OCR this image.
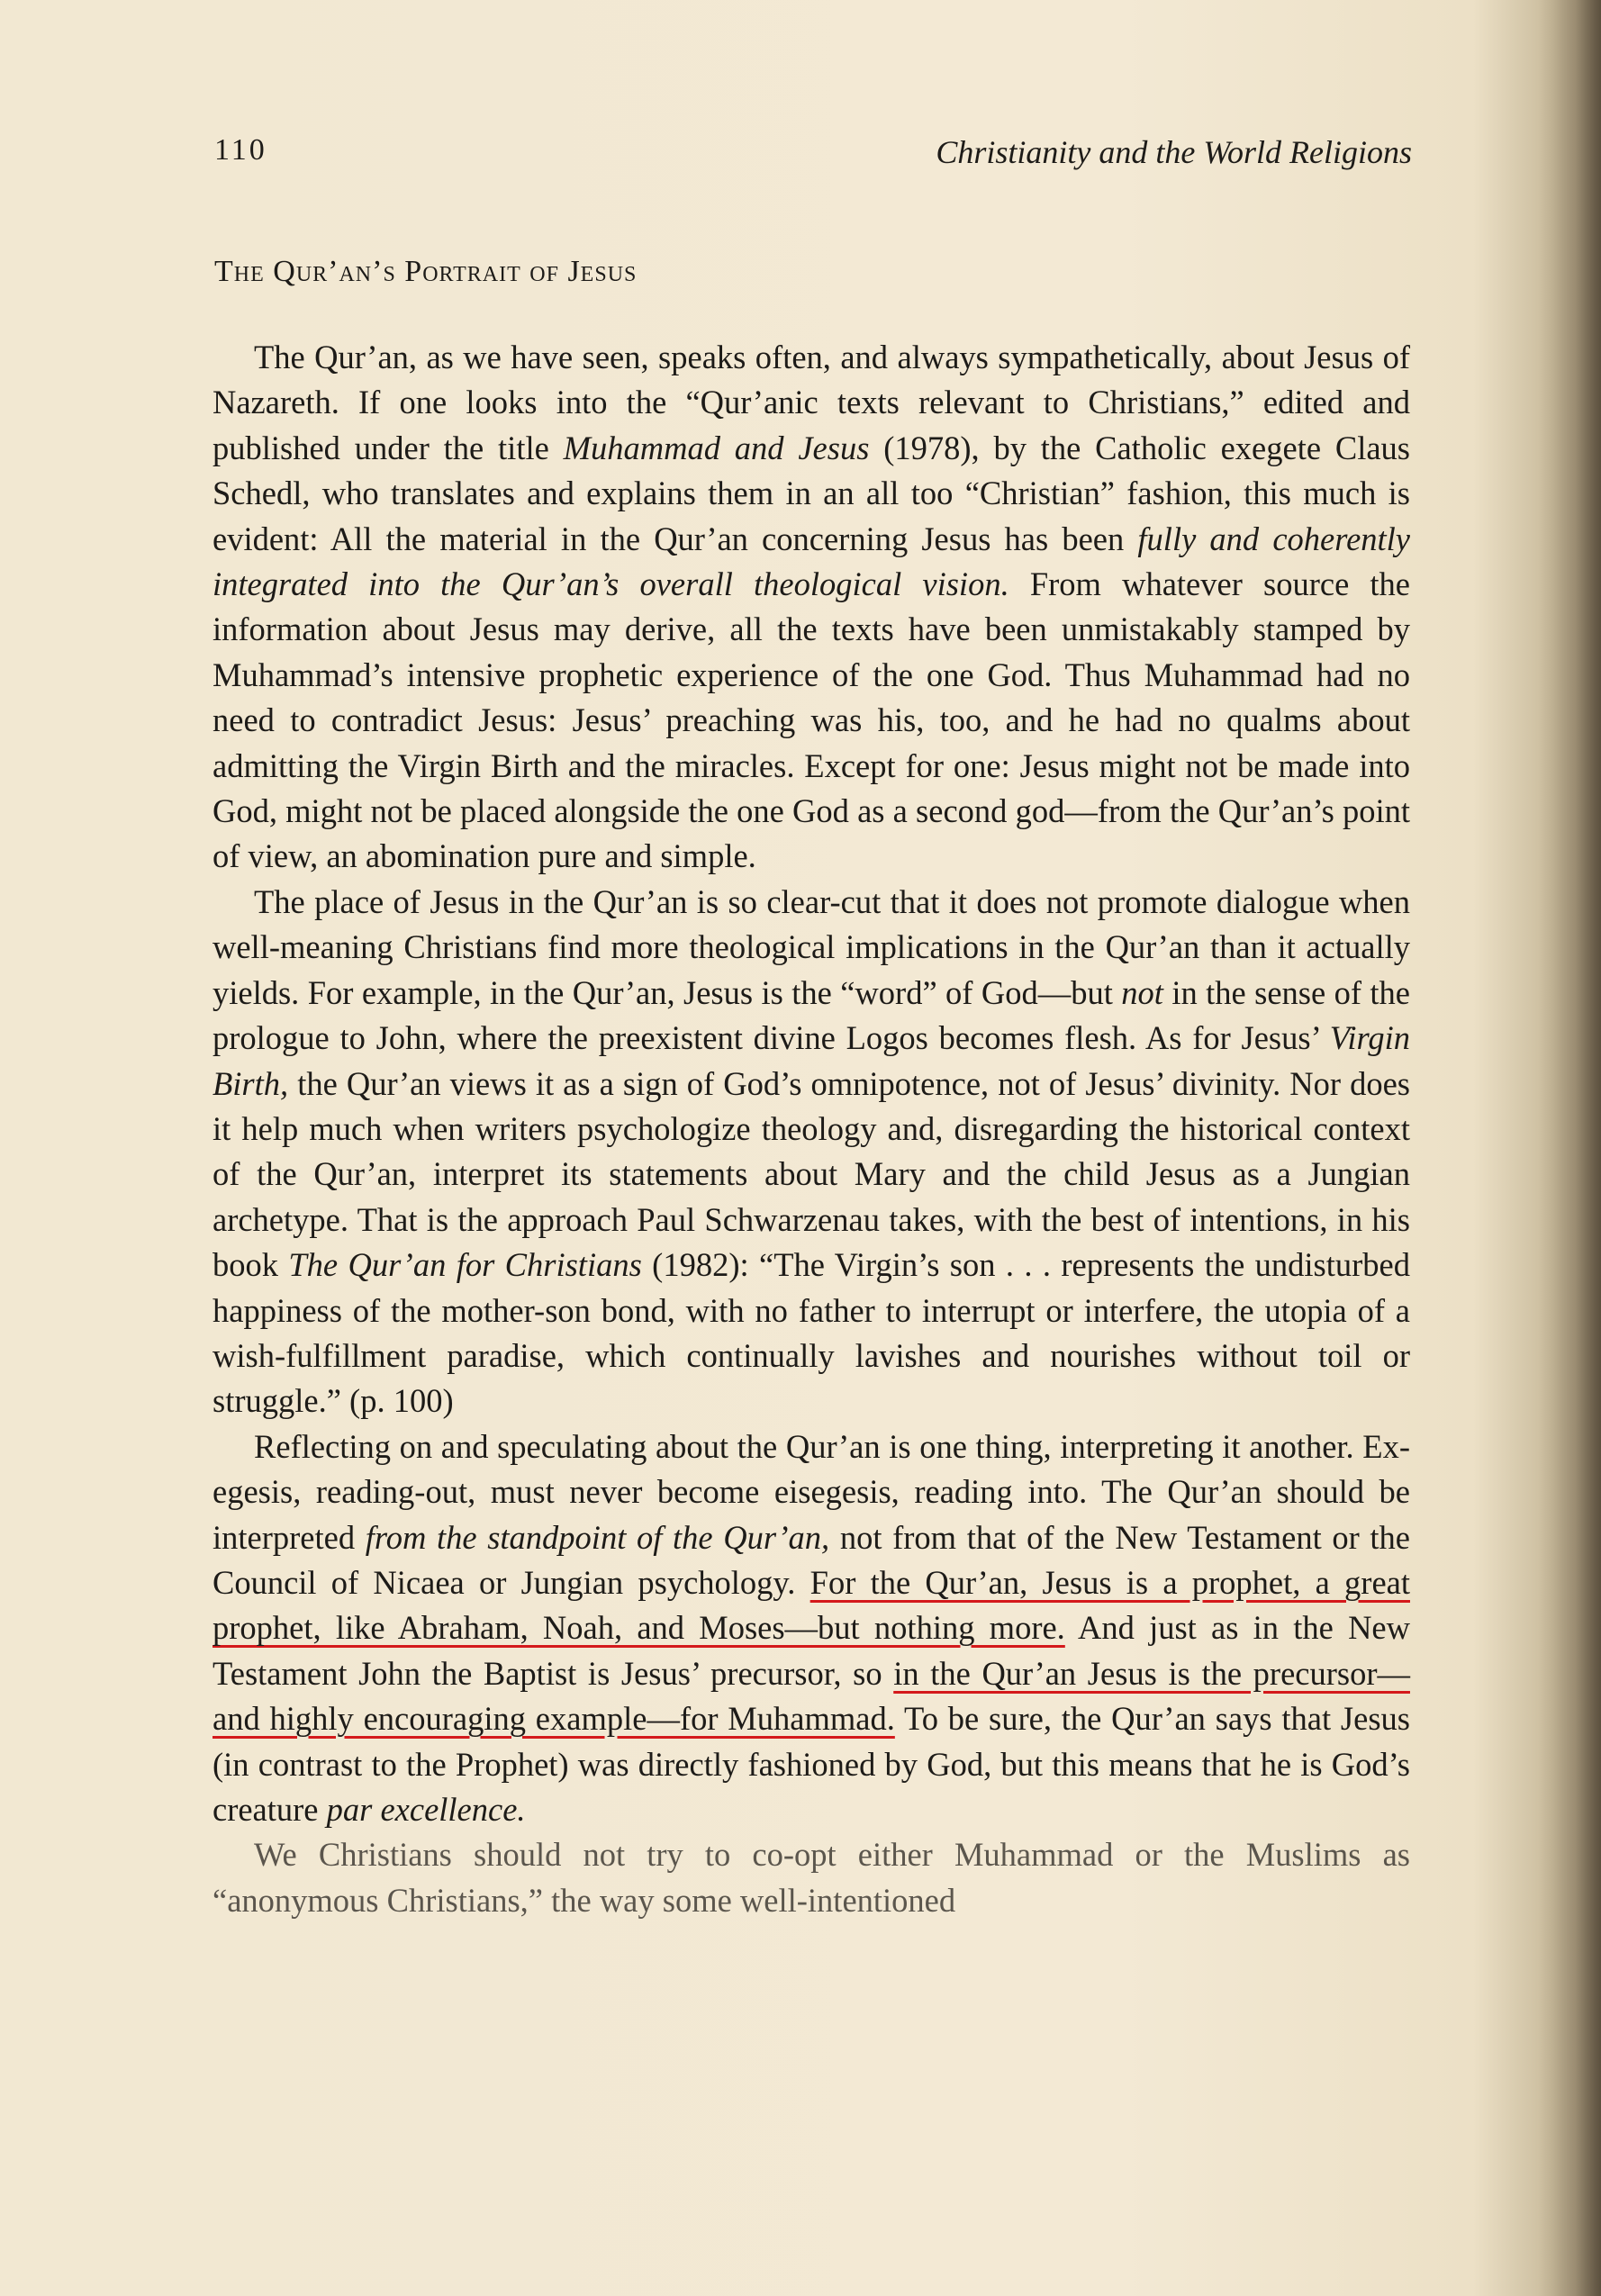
110	Christianity and the World Religions
The Qur’an’s Portrait of Jesus

The Qur’an, as we have seen, speaks often, and always sympathetically, about Jesus of Nazareth. If one looks into the “Qur’anic texts relevant to Christians,” edited and published under the title Muhammad and Jesus (1978), by the Catholic exegete Claus Schedl, who translates and explains them in an all too “Christian” fashion, this much is evident: All the material in the Qur’an concerning Jesus has been fully and coherently integrated into the Qur’an’s overall theological vision. From whatever source the information about Jesus may derive, all the texts have been unmistakably stamped by Muhammad’s intensive prophetic experience of the one God. Thus Muhammad had no need to contradict Jesus: Jesus’ preaching was his, too, and he had no qualms about admitting the Virgin Birth and the miracles. Except for one: Jesus might not be made into God, might not be placed alongside the one God as a second god—from the Qur’an’s point of view, an abomination pure and simple.

The place of Jesus in the Qur’an is so clear-cut that it does not promote dialogue when well-meaning Christians find more theological implications in the Qur’an than it actually yields. For example, in the Qur’an, Jesus is the “word” of God—but not in the sense of the prologue to John, where the preexistent divine Logos becomes flesh. As for Jesus’ Virgin Birth, the Qur’an views it as a sign of God’s omnipotence, not of Jesus’ divinity. Nor does it help much when writers psychologize theology and, disregarding the historical context of the Qur’an, interpret its statements about Mary and the child Jesus as a Jungian archetype. That is the approach Paul Schwarzenau takes, with the best of intentions, in his book The Qur’an for Christians (1982): “The Virgin’s son . . . represents the undisturbed happiness of the mother-son bond, with no father to interrupt or interfere, the utopia of a wish-fulfillment paradise, which continually lavishes and nourishes without toil or struggle.” (p. 100)

Reflecting on and speculating about the Qur’an is one thing, interpreting it another. Ex-egesis, reading-out, must never become eisegesis, reading into. The Qur’an should be interpreted from the standpoint of the Qur’an, not from that of the New Testament or the Council of Nicaea or Jungian psychology. For the Qur’an, Jesus is a prophet, a great prophet, like Abraham, Noah, and Moses—but nothing more. And just as in the New Testament John the Baptist is Jesus’ precursor, so in the Qur’an Jesus is the precursor—and highly encouraging example—for Muhammad. To be sure, the Qur’an says that Jesus (in contrast to the Prophet) was directly fashioned by God, but this means that he is God’s creature par excellence.

We Christians should not try to co-opt either Muhammad or the Muslims as “anonymous Christians,” the way some well-intentioned
